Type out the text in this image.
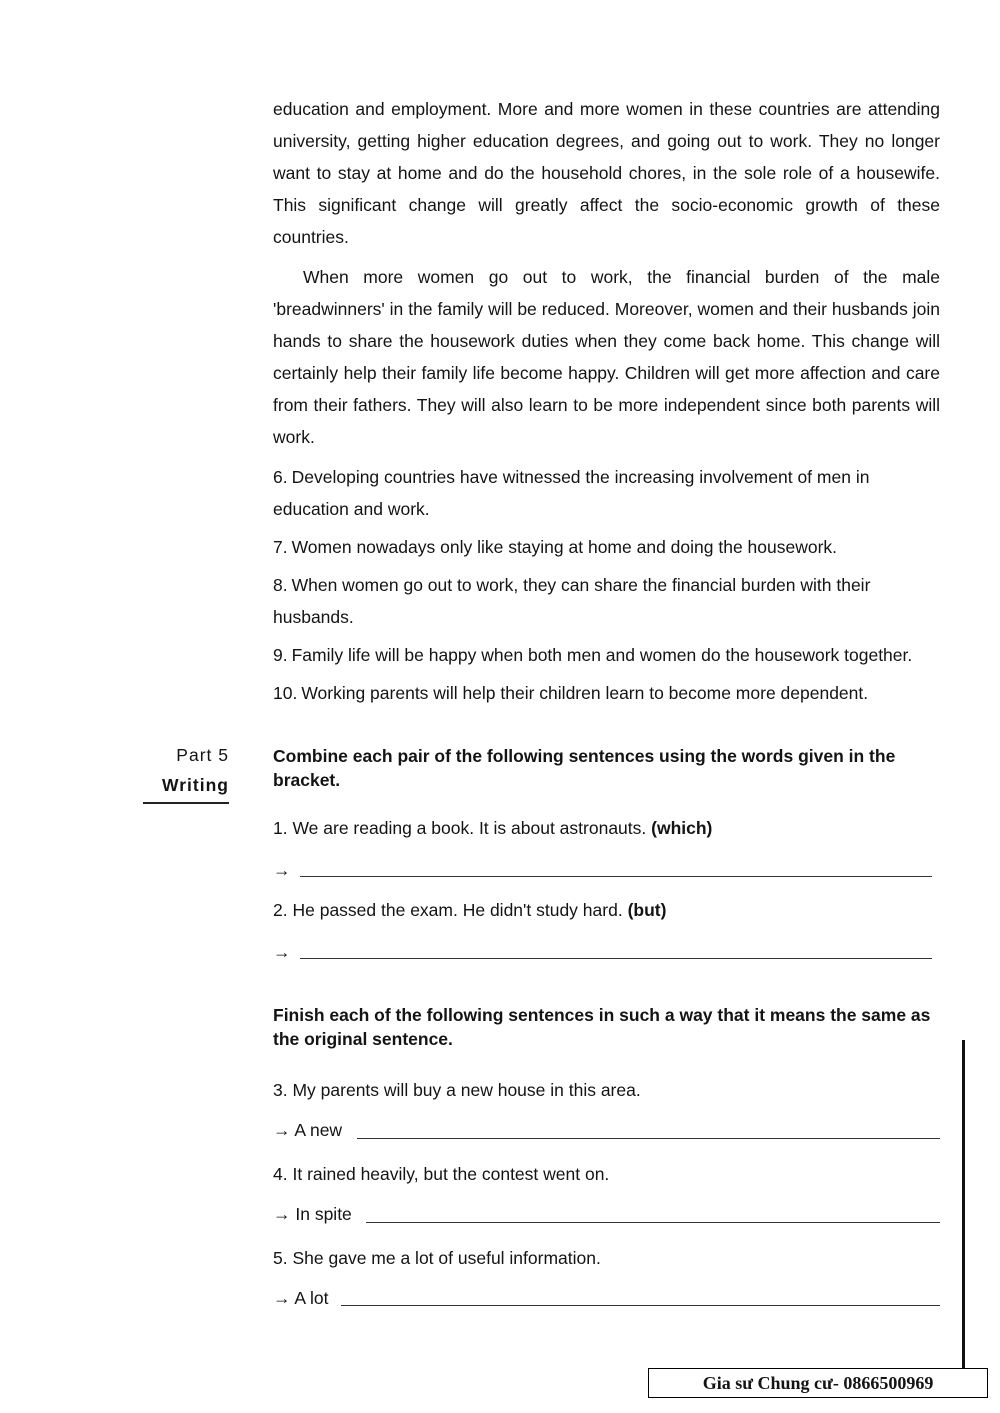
education and employment. More and more women in these countries are attending university, getting higher education degrees, and going out to work. They no longer want to stay at home and do the household chores, in the sole role of a housewife. This significant change will greatly affect the socio-economic growth of these countries.

When more women go out to work, the financial burden of the male 'breadwinners' in the family will be reduced. Moreover, women and their husbands join hands to share the housework duties when they come back home. This change will certainly help their family life become happy. Children will get more affection and care from their fathers. They will also learn to be more independent since both parents will work.

6. Developing countries have witnessed the increasing involvement of men in education and work.
7. Women nowadays only like staying at home and doing the housework.
8. When women go out to work, they can share the financial burden with their husbands.
9. Family life will be happy when both men and women do the housework together.
10. Working parents will help their children learn to become more dependent.
Part 5
Writing

Combine each pair of the following sentences using the words given in the bracket.

1. We are reading a book. It is about astronauts. (which)
→
2. He passed the exam. He didn't study hard. (but)
→

Finish each of the following sentences in such a way that it means the same as the original sentence.

3. My parents will buy a new house in this area.
→ A new
4. It rained heavily, but the contest went on.
→ In spite
5. She gave me a lot of useful information.
→ A lot
Gia sư Chung cư- 0866500969
